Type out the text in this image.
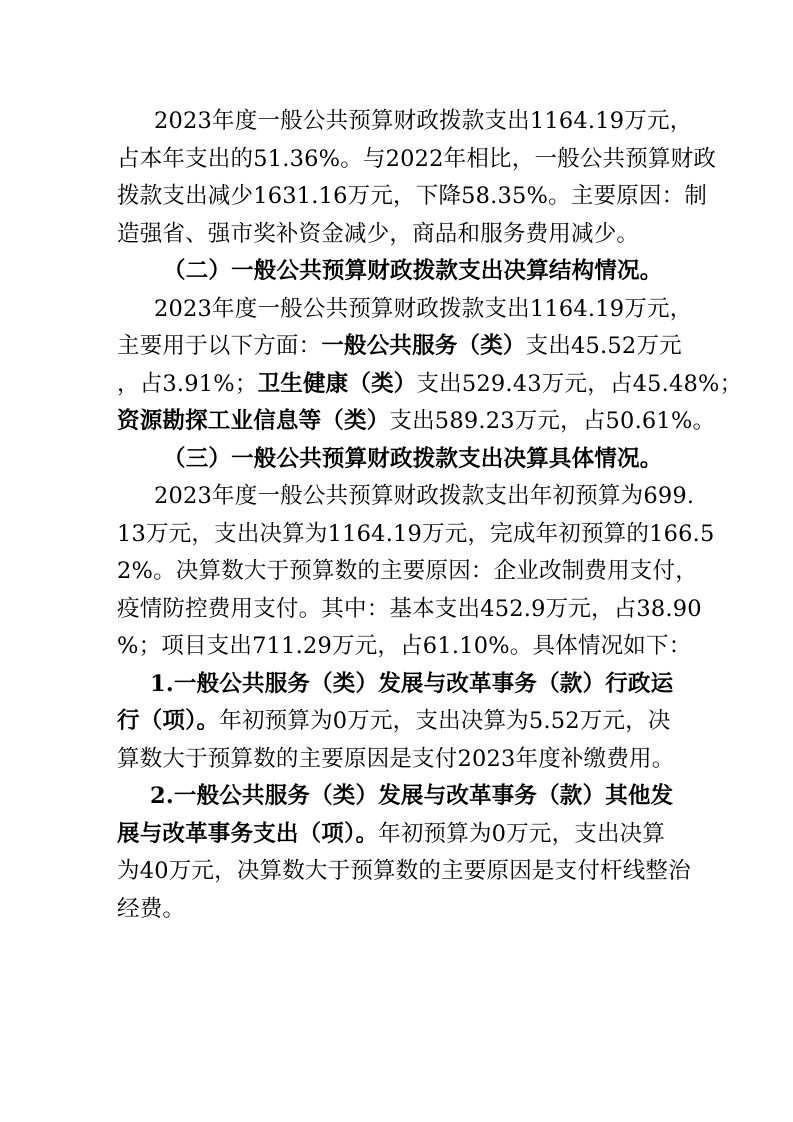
2023年度一般公共预算财政拨款支出1164.19万元，
占本年支出的51.36%。与2022年相比，一般公共预算财政
拨款支出减少1631.16万元，下降58.35%。主要原因：制
造强省、强市奖补资金减少，商品和服务费用减少。
（二）一般公共预算财政拨款支出决算结构情况。
2023年度一般公共预算财政拨款支出1164.19万元，
主要用于以下方面：一般公共服务（类）支出45.52万元
，占3.91%；卫生健康（类）支出529.43万元，占45.48%；
资源勘探工业信息等（类）支出589.23万元，占50.61%。
（三）一般公共预算财政拨款支出决算具体情况。
2023年度一般公共预算财政拨款支出年初预算为699.
13万元，支出决算为1164.19万元，完成年初预算的166.5
2%。决算数大于预算数的主要原因：企业改制费用支付，
疫情防控费用支付。其中：基本支出452.9万元，占38.90
%；项目支出711.29万元，占61.10%。具体情况如下：
1.一般公共服务（类）发展与改革事务（款）行政运
行（项）。年初预算为0万元，支出决算为5.52万元，决
算数大于预算数的主要原因是支付2023年度补缴费用。
2.一般公共服务（类）发展与改革事务（款）其他发
展与改革事务支出（项）。年初预算为0万元，支出决算
为40万元，决算数大于预算数的主要原因是支付杆线整治
经费。
